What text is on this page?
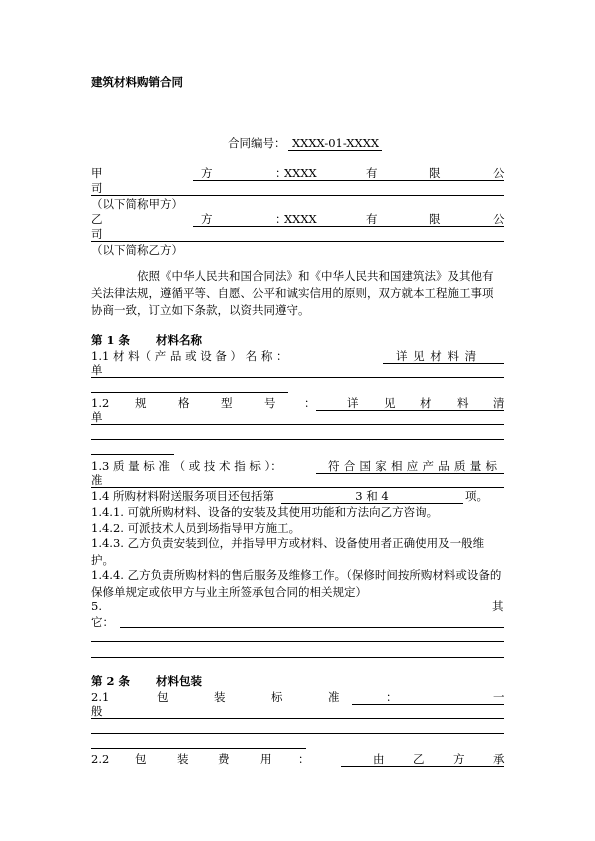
建筑材料购销合同
合同编号： XXXX-01-XXXX
甲	方	：
XXXX	有	限	公
司
（以下简称甲方）
乙	方	：
XXXX	有	限	公
司
（以下简称乙方）
依照《中华人民共和国合同法》和《中华人民共和国建筑法》及其他有关法律法规，遵循平等、自愿、公平和诚实信用的原则，双方就本工程施工事项协商一致，订立如下条款，以资共同遵守。
第 1 条 材料名称
1.1 材 料（ 产 品 或 设 备 ） 名 称 ：	详 见 材 料 清
单
1.2 规	格	型	号 ：	详 见 材 料 清
单
1.3 质 量 标 准 （ 或 技 术 指 标 ）：	符 合 国 家 相 应 产 品 质 量 标
准
1.4 所购材料附送服务项目还包括第	3 和 4	项。
1.4.1. 可就所购材料、设备的安装及其使用功能和方法向乙方咨询。
1.4.2. 可派技术人员到场指导甲方施工。
1.4.3. 乙方负责安装到位，并指导甲方或材料、设备使用者正确使用及一般维护。
1.4.4. 乙方负责所购材料的售后服务及维修工作。（保修时间按所购材料或设备的保修单规定或依甲方与业主所签承包合同的相关规定）
5.	其
它：
第 2 条 材料包装
2.1	包	装	标	准	：	一
般
2.2 包	装	费	用 ：	由 乙 方 承
